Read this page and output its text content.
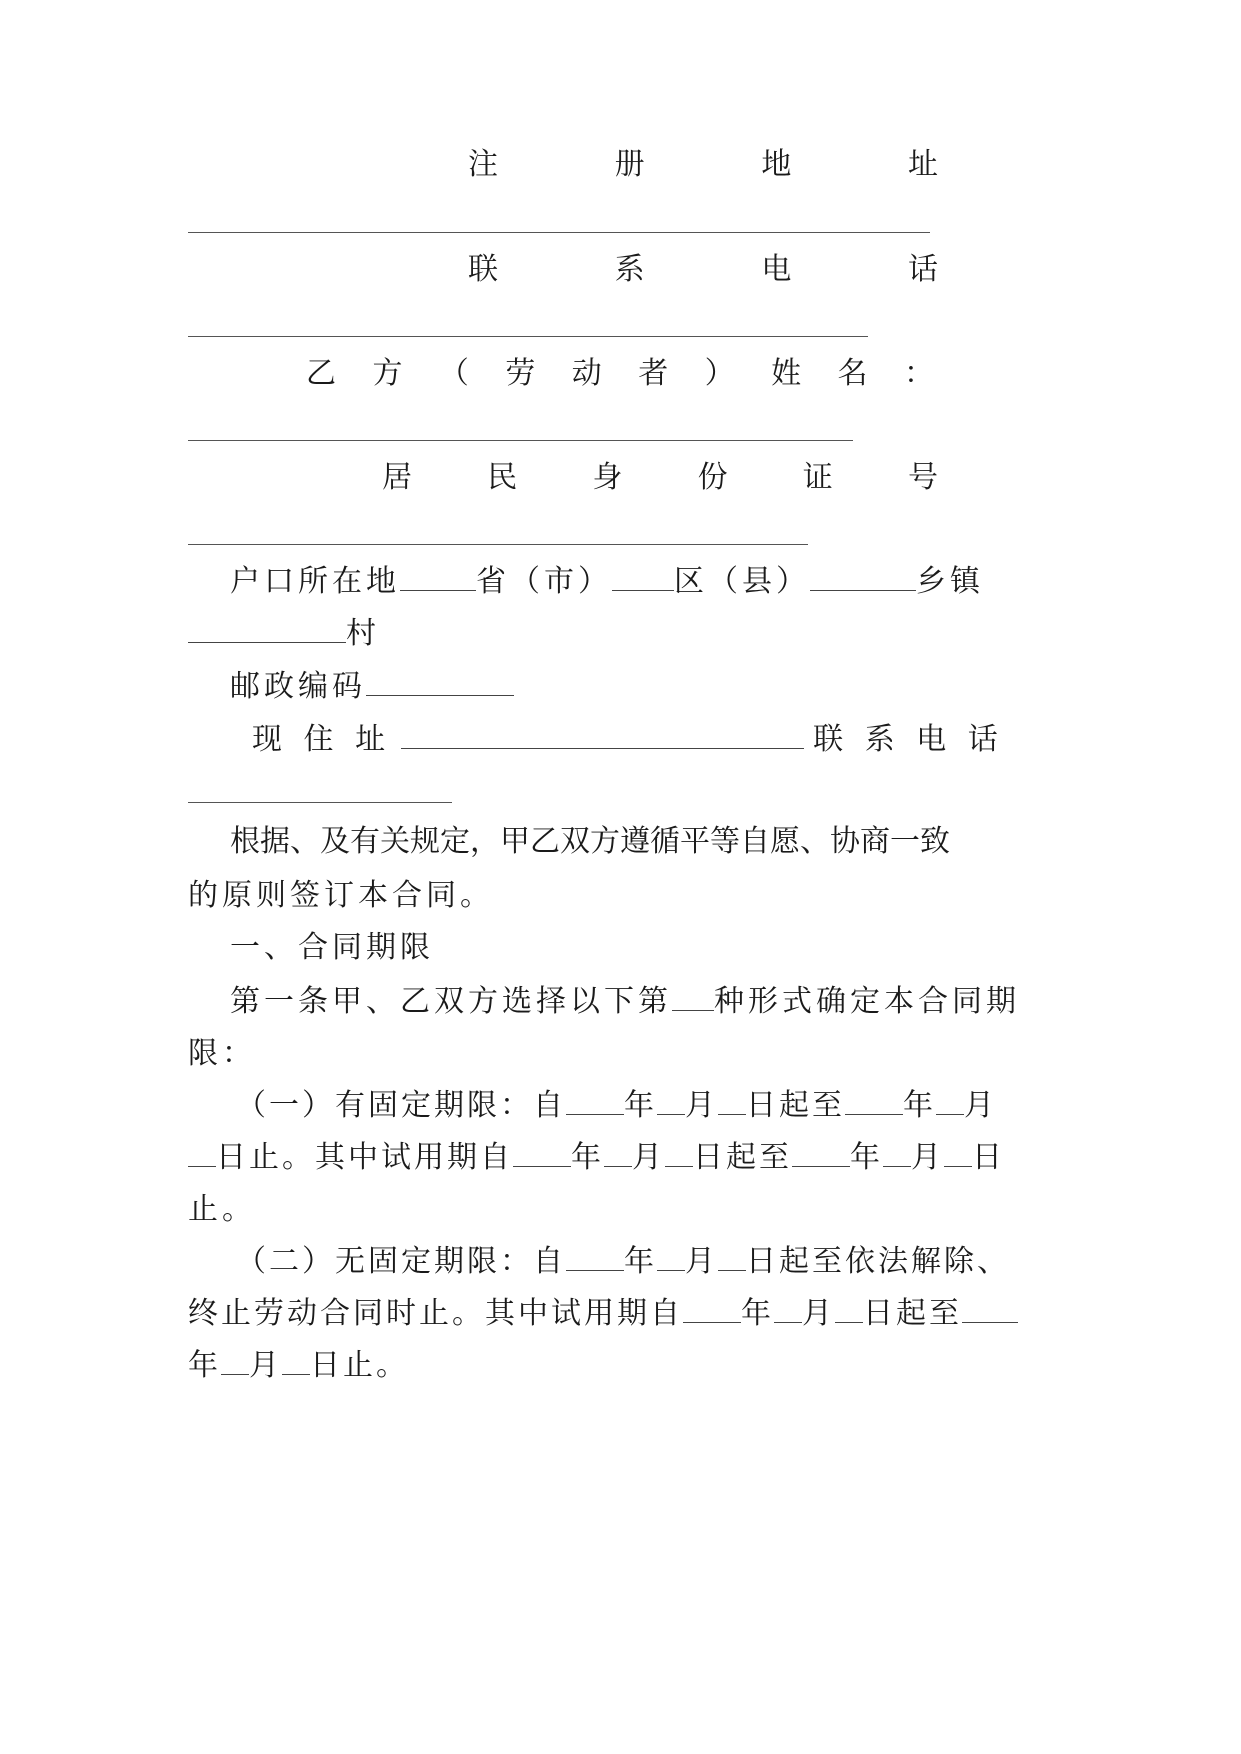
注	册	地	址
联	系	电	话
乙 方 （ 劳 动 者 ） 姓 名 ：
居	民	身	份	证	号
户口所在地	省（市） 区（县）	乡镇
村
邮政编码
现 住 址	联 系 电 话
根据、及有关规定，甲乙双方遵循平等自愿、协商一致
的原则签订本合同。
一、合同期限
第一条甲、乙双方选择以下第 种形式确定本合同期
限：
（一）有固定期限：自 年 月 日起至 年 月
日止。其中试用期自 年 月 日起至 年 月 日
止。
（二）无固定期限：自 年 月 日起至依法解除、
终止劳动合同时止。其中试用期自 年 月 日起至
年 月 日止。
